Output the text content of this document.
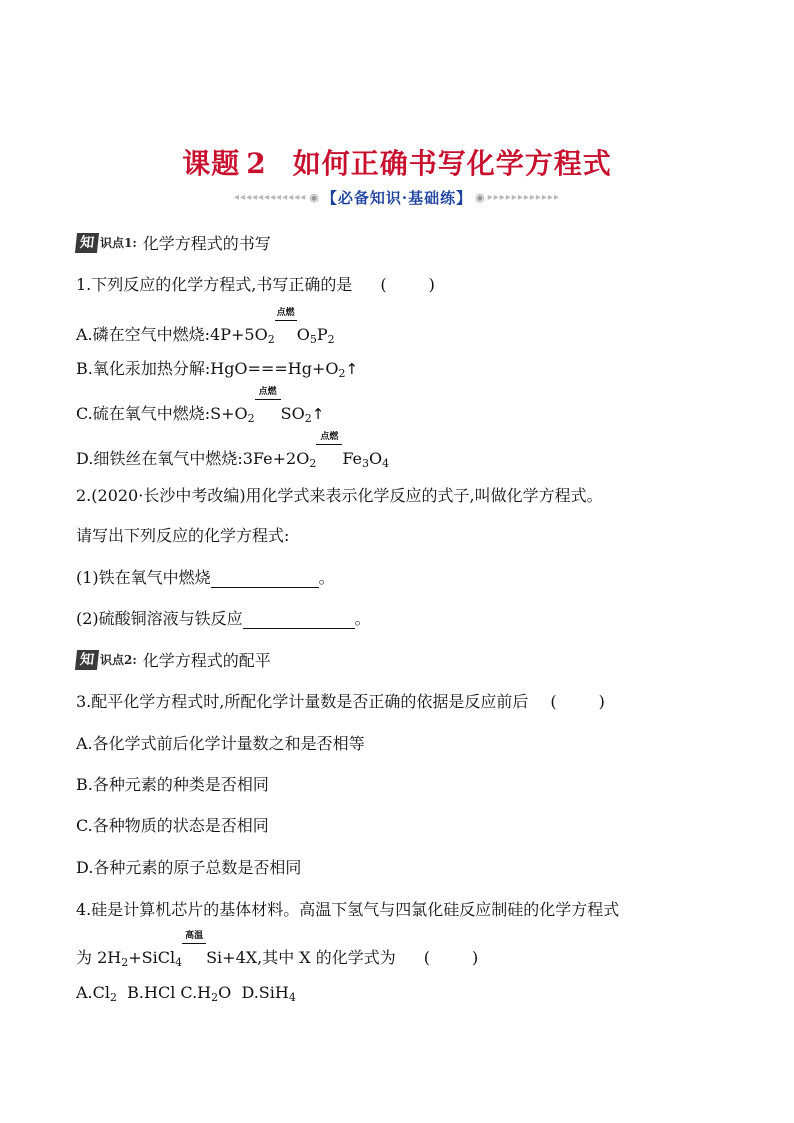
课题 2 如何正确书写化学方程式
◂◂◂◂◂◂◂◂◂◂◂◂ ◉ 【必备知识·基础练】 ◉ ▸▸▸▸▸▸▸▸▸▸▸▸
知 识点1: 化学方程式的书写
1.下列反应的化学方程式,书写正确的是 (	)
A.磷在空气中燃烧$:4P+5O_2$
点燃
$O_5P_2$
B.氧化汞加热分解$:HgO===Hg+O_2↑$
C.硫在氧气中燃烧$:S+O_2$
点燃
$SO_2↑$
D.细铁丝在氧气中燃烧$:3Fe+2O_2$
点燃
$Fe_3O_4$
2.(2020·长沙中考改编)用化学式来表示化学反应的式子,叫做化学方程式。
请写出下列反应的化学方程式:
(1)铁在氧气中燃烧	。
(2)硫酸铜溶液与铁反应	。
知 识点2: 化学方程式的配平
3.配平化学方程式时,所配化学计量数是否正确的依据是反应前后 (	)
A.各化学式前后化学计量数之和是否相等
B.各种元素的种类是否相同
C.各种物质的状态是否相同
D.各种元素的原子总数是否相同
4.硅是计算机芯片的基体材料。高温下氢气与四氯化硅反应制硅的化学方程式
为 $2H_2+SiCl_4$
高温
Si+4X,其中 X 的化学式为 (	)
$A.Cl_2$ B.HCl $C.H_2O$ D.SiH$_4$
